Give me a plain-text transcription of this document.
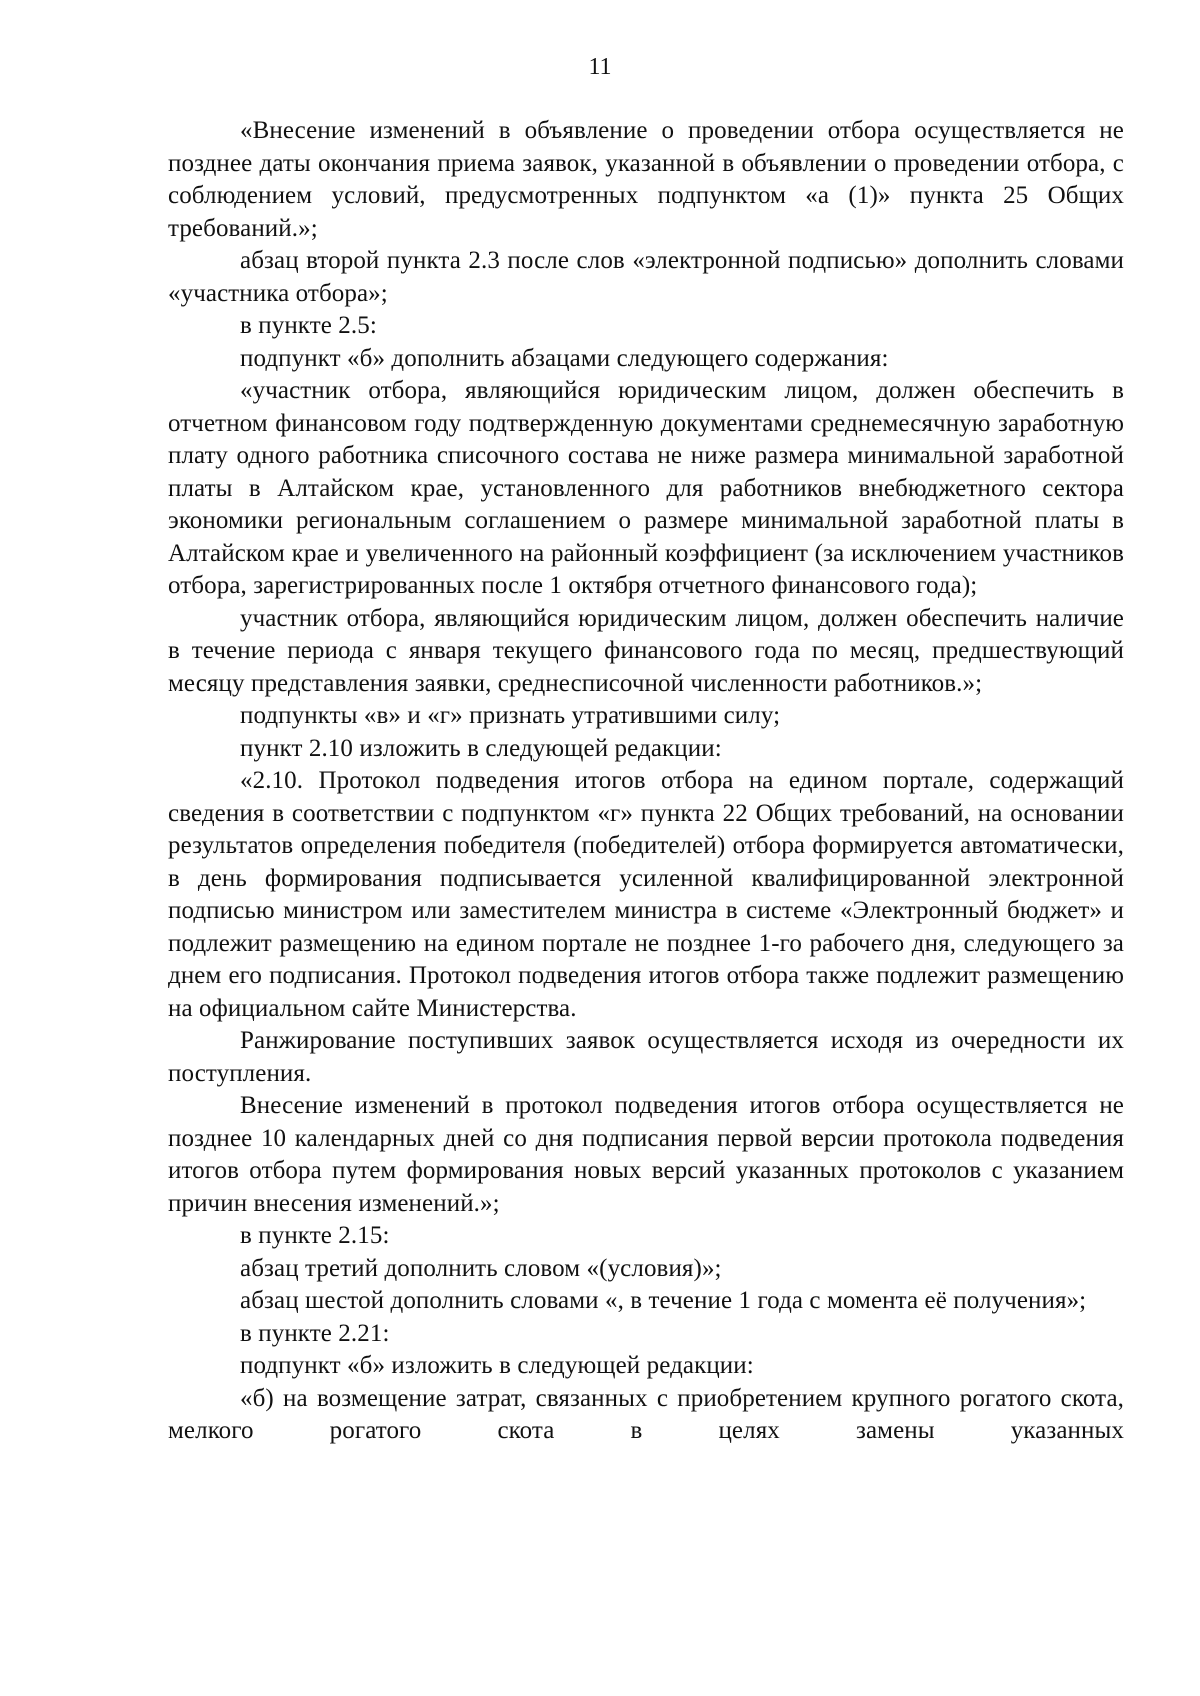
11

«Внесение изменений в объявление о проведении отбора осуществляется не позднее даты окончания приема заявок, указанной в объявлении о проведении отбора, с соблюдением условий, предусмотренных подпунктом «а (1)» пункта 25 Общих требований.»;

абзац второй пункта 2.3 после слов «электронной подписью» дополнить словами «участника отбора»;

в пункте 2.5:

подпункт «б» дополнить абзацами следующего содержания:

«участник отбора, являющийся юридическим лицом, должен обеспечить в отчетном финансовом году подтвержденную документами среднемесячную заработную плату одного работника списочного состава не ниже размера минимальной заработной платы в Алтайском крае, установленного для работников внебюджетного сектора экономики региональным соглашением о размере минимальной заработной платы в Алтайском крае и увеличенного на районный коэффициент (за исключением участников отбора, зарегистрированных после 1 октября отчетного финансового года);

участник отбора, являющийся юридическим лицом, должен обеспечить наличие в течение периода с января текущего финансового года по месяц, предшествующий месяцу представления заявки, среднесписочной численности работников.»;

подпункты «в» и «г» признать утратившими силу;

пункт 2.10 изложить в следующей редакции:

«2.10. Протокол подведения итогов отбора на едином портале, содержащий сведения в соответствии с подпунктом «г» пункта 22 Общих требований, на основании результатов определения победителя (победителей) отбора формируется автоматически, в день формирования подписывается усиленной квалифицированной электронной подписью министром или заместителем министра в системе «Электронный бюджет» и подлежит размещению на едином портале не позднее 1-го рабочего дня, следующего за днем его подписания. Протокол подведения итогов отбора также подлежит размещению на официальном сайте Министерства.

Ранжирование поступивших заявок осуществляется исходя из очередности их поступления.

Внесение изменений в протокол подведения итогов отбора осуществляется не позднее 10 календарных дней со дня подписания первой версии протокола подведения итогов отбора путем формирования новых версий указанных протоколов с указанием причин внесения изменений.»;

в пункте 2.15:

абзац третий дополнить словом «(условия)»;

абзац шестой дополнить словами «, в течение 1 года с момента её получения»;

в пункте 2.21:

подпункт «б» изложить в следующей редакции:

«б) на возмещение затрат, связанных с приобретением крупного рогатого скота, мелкого рогатого скота в целях замены указанных
